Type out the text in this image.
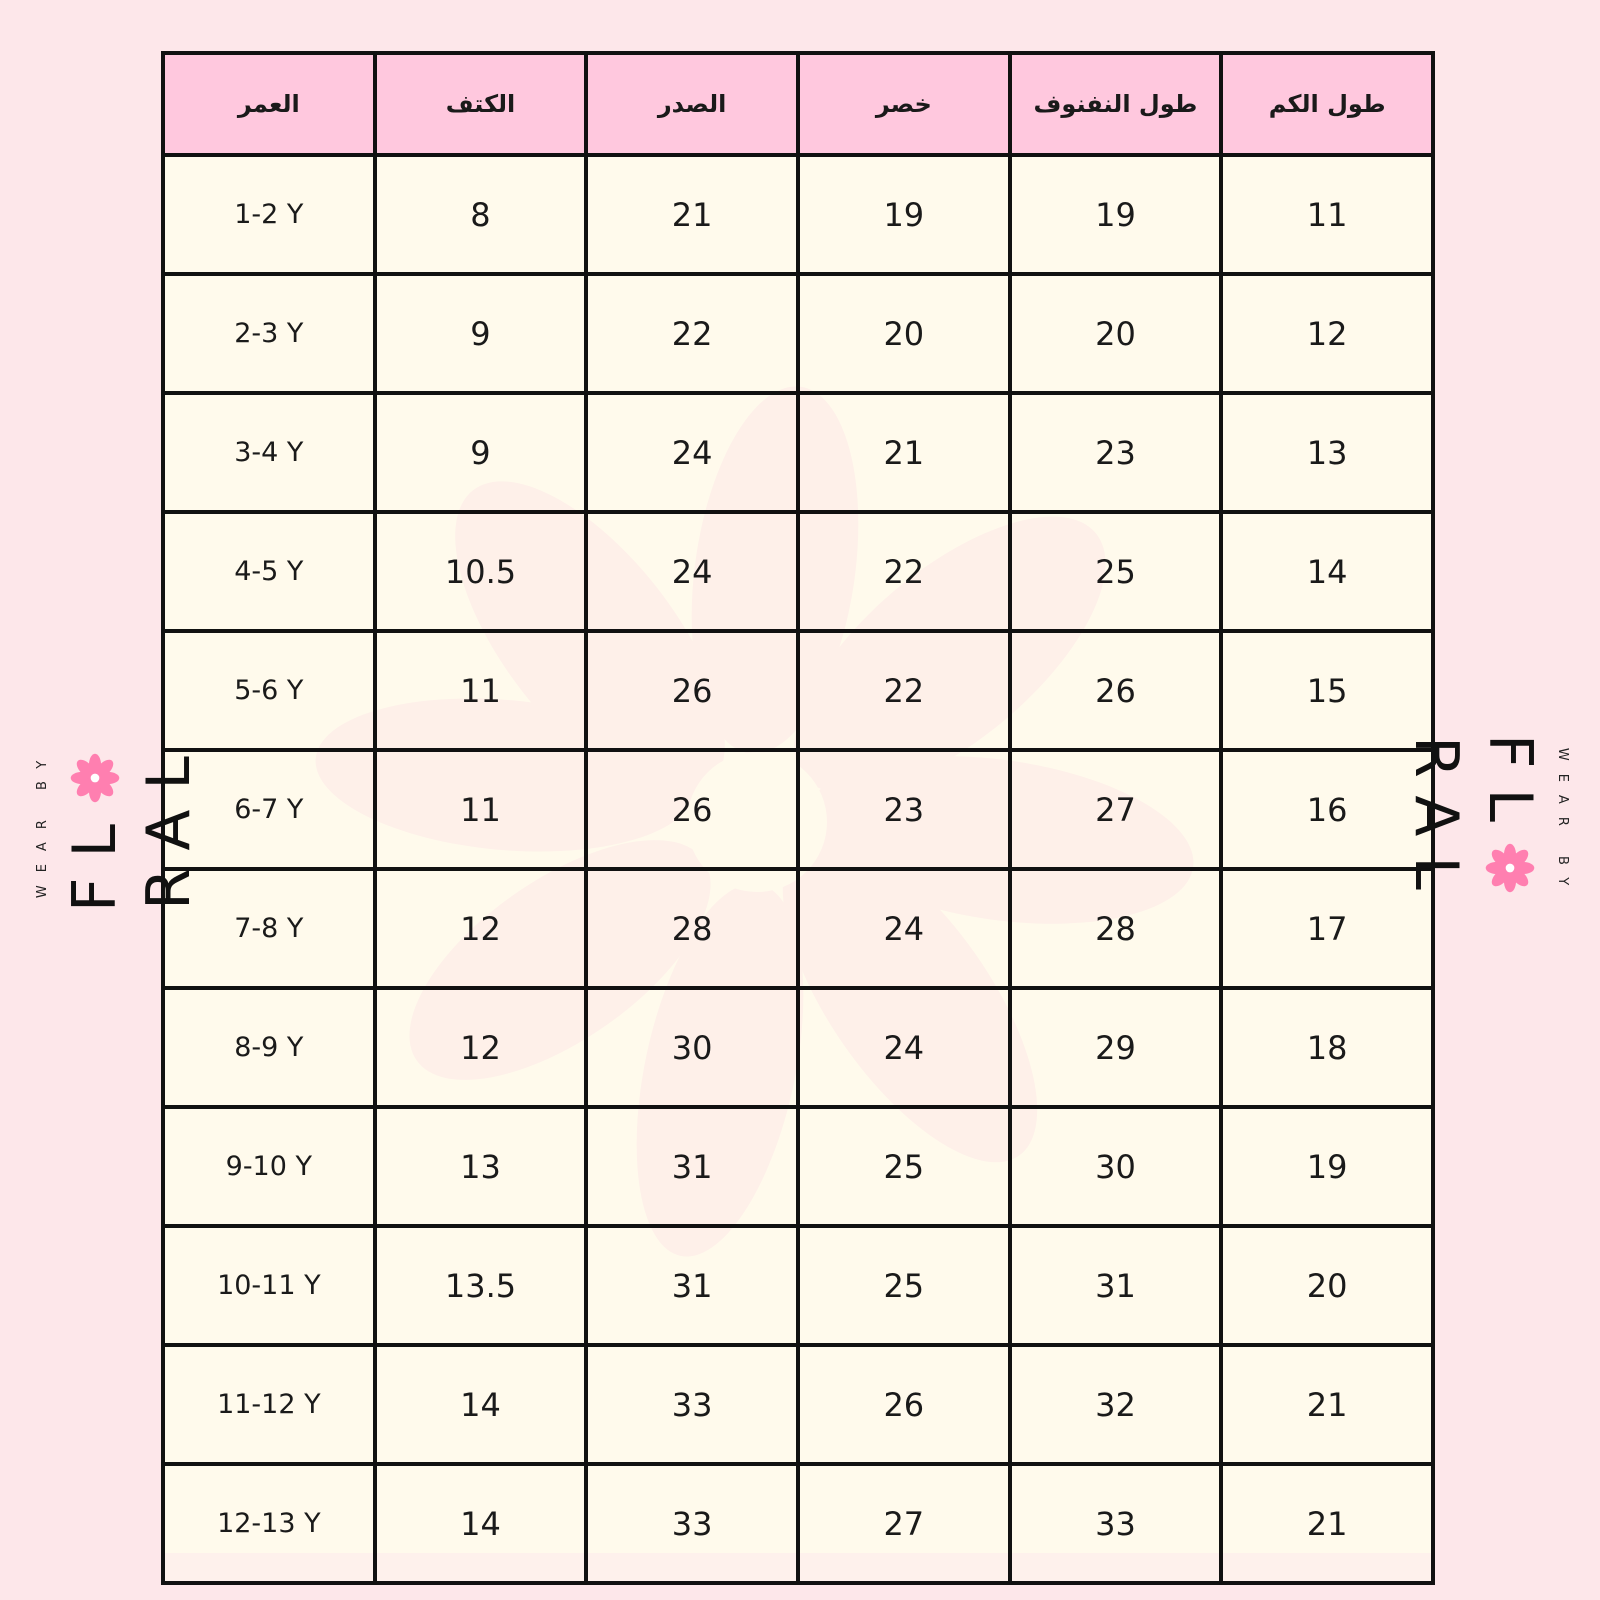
العمر	الكتف	الصدر	خصر	طول النفنوف	طول الكم
1-2 Y	8	21	19	19	11
2-3 Y	9	22	20	20	12
3-4 Y	9	24	21	23	13
4-5 Y	10.5	24	22	25	14
5-6 Y	11	26	22	26	15
6-7 Y	11	26	23	27	16
7-8 Y	12	28	24	28	17
8-9 Y	12	30	24	29	18
9-10 Y	13	31	25	30	19
10-11 Y	13.5	31	25	31	20
11-12 Y	14	33	26	32	21
12-13 Y	14	33	27	33	21
WEAR BY FLRAL	WEAR BY
FLRAL
